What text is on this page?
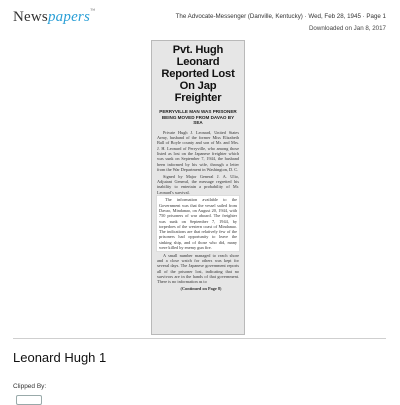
Newspapers™
The Advocate-Messenger (Danville, Kentucky) · Wed, Feb 28, 1945 · Page 1
Downloaded on Jan 8, 2017
Pvt. Hugh Leonard Reported Lost On Jap Freighter
PERRYVILLE MAN WAS PRISONER BEING MOVED FROM DAVAO BY SEA

Private Hugh J. Leonard, United States Army, husband of the former Miss Elizabeth Ball of Boyle county and son of Mr. and Mrs. J. H. Leonard of Perryville, who among those listed as lost on the Japanese freighter which was sunk on September 7, 1944, the husband been informed by his wife, through a letter from the War Department in Washington, D. C.

Signed by Major General J. A. Ulio, Adjutant General, the message regretted his inability to entertain a probability of Mr. Leonard's survival.

The information available to the Government was that the vessel sailed from Davao, Mindanao, on August 20, 1944, with 750 prisoners of war aboard. The freighter was sunk on September 7, 1944, by torpedoes of the western coast of Mindanao. The indications are that relatively few of the prisoners had opportunity to leave the sinking ship, and of those who did, many were killed by enemy gun fire.

A small number managed to reach shore and a close watch for others was kept for several days. The Japanese government reports all of the prisoner lost, indicating that no survivors are in the hands of that government. There is no information as to

(Continued on Page 8)

Leonard Hugh 1
Clipped By:
